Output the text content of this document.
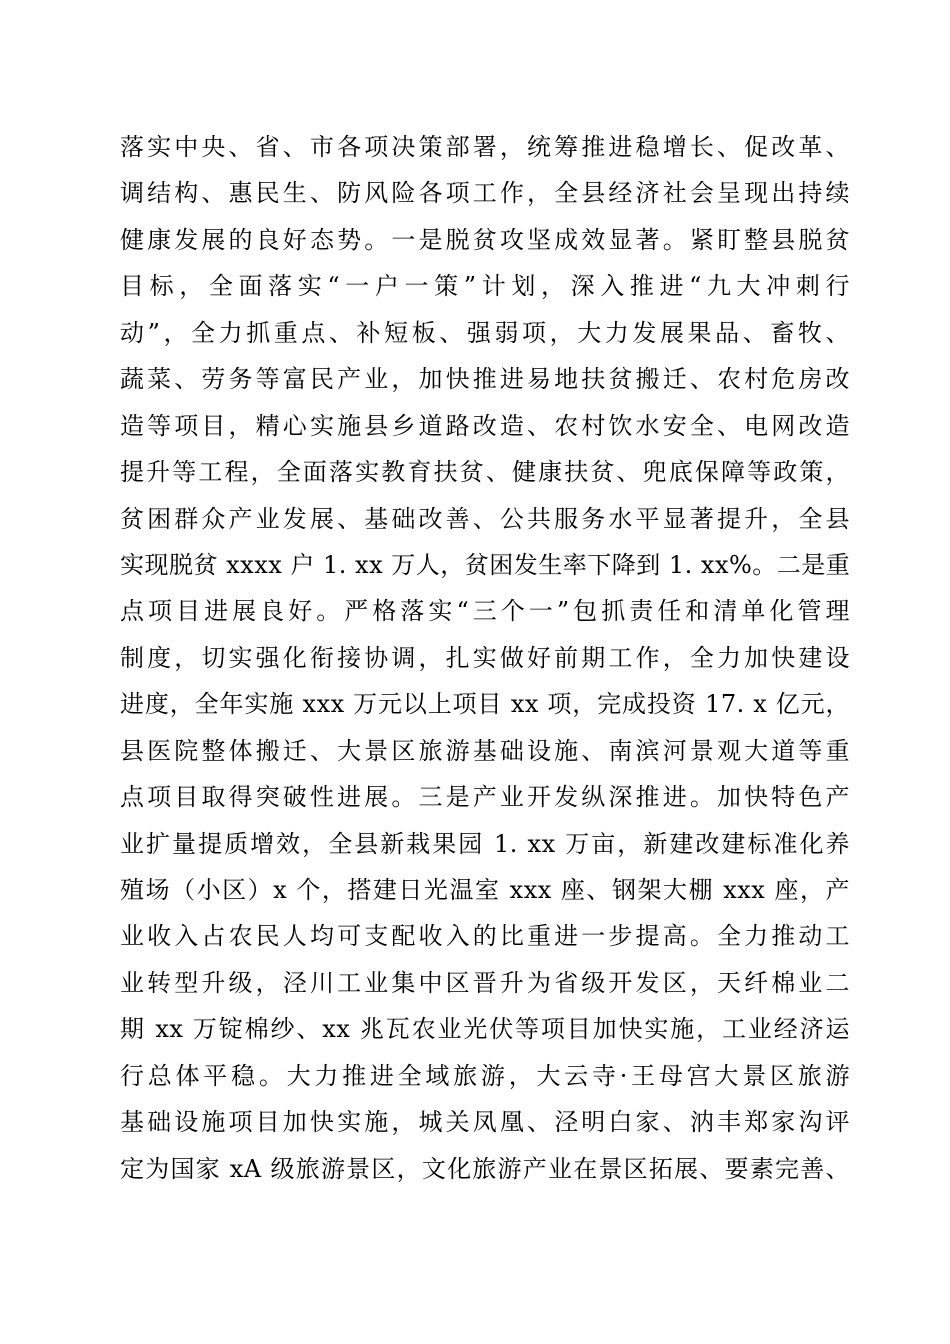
落实中央、省、市各项决策部署，统筹推进稳增长、促改革、
调结构、惠民生、防风险各项工作，全县经济社会呈现出持续
健康发展的良好态势。一是脱贫攻坚成效显著。紧盯整县脱贫
目标，全面落实“一户一策”计划，深入推进“九大冲刺行
动”，全力抓重点、补短板、强弱项，大力发展果品、畜牧、
蔬菜、劳务等富民产业，加快推进易地扶贫搬迁、农村危房改
造等项目，精心实施县乡道路改造、农村饮水安全、电网改造
提升等工程，全面落实教育扶贫、健康扶贫、兜底保障等政策，
贫困群众产业发展、基础改善、公共服务水平显著提升，全县
实现脱贫 xxxx 户 1. xx 万人，贫困发生率下降到 1. xx%。二是重
点项目进展良好。严格落实“三个一”包抓责任和清单化管理
制度，切实强化衔接协调，扎实做好前期工作，全力加快建设
进度，全年实施 xxx 万元以上项目 xx 项，完成投资 17. x 亿元，
县医院整体搬迁、大景区旅游基础设施、南滨河景观大道等重
点项目取得突破性进展。三是产业开发纵深推进。加快特色产
业扩量提质增效，全县新栽果园 1. xx 万亩，新建改建标准化养
殖场（小区）x 个，搭建日光温室 xxx 座、钢架大棚 xxx 座，产
业收入占农民人均可支配收入的比重进一步提高。全力推动工
业转型升级，泾川工业集中区晋升为省级开发区，天纤棉业二
期 xx 万锭棉纱、xx 兆瓦农业光伏等项目加快实施，工业经济运
行总体平稳。大力推进全域旅游，大云寺·王母宫大景区旅游
基础设施项目加快实施，城关凤凰、泾明白家、汭丰郑家沟评
定为国家 xA 级旅游景区，文化旅游产业在景区拓展、要素完善、
